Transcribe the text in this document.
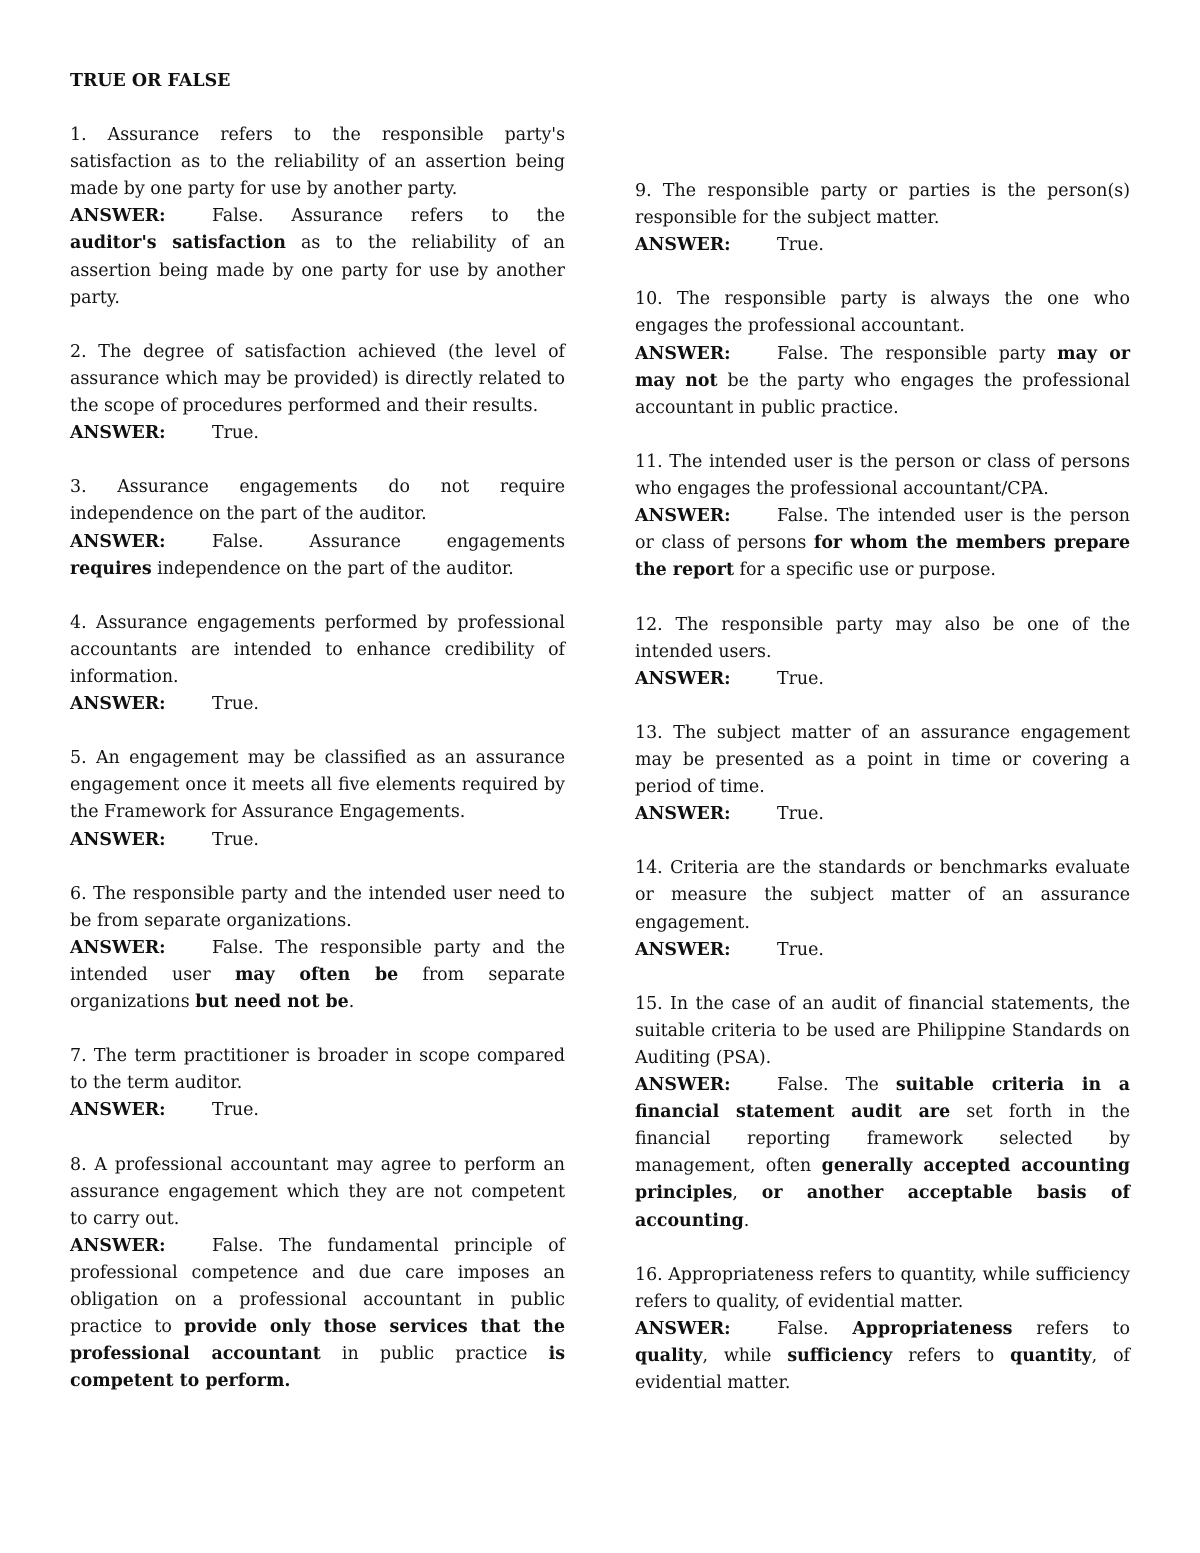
TRUE OR FALSE
1. Assurance refers to the responsible party's satisfaction as to the reliability of an assertion being made by one party for use by another party.
ANSWER:	False. Assurance refers to the auditor's satisfaction as to the reliability of an assertion being made by one party for use by another party.
2. The degree of satisfaction achieved (the level of assurance which may be provided) is directly related to the scope of procedures performed and their results.
ANSWER:	True.
3. Assurance engagements do not require independence on the part of the auditor.
ANSWER:	False. Assurance engagements requires independence on the part of the auditor.
4. Assurance engagements performed by professional accountants are intended to enhance credibility of information.
ANSWER:	True.
5. An engagement may be classified as an assurance engagement once it meets all five elements required by the Framework for Assurance Engagements.
ANSWER:	True.
6. The responsible party and the intended user need to be from separate organizations.
ANSWER:	False. The responsible party and the intended user may often be from separate organizations but need not be.
7. The term practitioner is broader in scope compared to the term auditor.
ANSWER:	True.
8. A professional accountant may agree to perform an assurance engagement which they are not competent to carry out.
ANSWER:	False. The fundamental principle of professional competence and due care imposes an obligation on a professional accountant in public practice to provide only those services that the professional accountant in public practice is competent to perform.
9. The responsible party or parties is the person(s) responsible for the subject matter.
ANSWER:	True.
10. The responsible party is always the one who engages the professional accountant.
ANSWER:	False. The responsible party may or may not be the party who engages the professional accountant in public practice.
11. The intended user is the person or class of persons who engages the professional accountant/CPA.
ANSWER:	False. The intended user is the person or class of persons for whom the members prepare the report for a specific use or purpose.
12. The responsible party may also be one of the intended users.
ANSWER:	True.
13. The subject matter of an assurance engagement may be presented as a point in time or covering a period of time.
ANSWER:	True.
14. Criteria are the standards or benchmarks evaluate or measure the subject matter of an assurance engagement.
ANSWER:	True.
15. In the case of an audit of financial statements, the suitable criteria to be used are Philippine Standards on Auditing (PSA).
ANSWER:	False. The suitable criteria in a financial statement audit are set forth in the financial reporting framework selected by management, often generally accepted accounting principles, or another acceptable basis of accounting.
16. Appropriateness refers to quantity, while sufficiency refers to quality, of evidential matter.
ANSWER:	False. Appropriateness refers to quality, while sufficiency refers to quantity, of evidential matter.
